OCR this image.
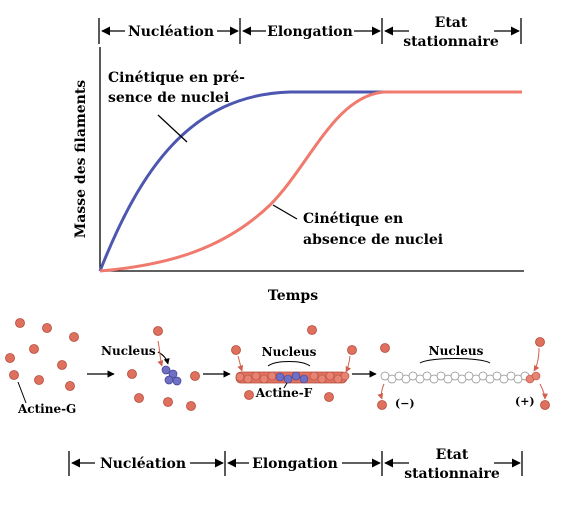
Nucléation	Elongation
Etat
stationnaire
Masse des filaments
Temps
Cinétique en pré-
sence de nuclei
Cinétique en
absence de nuclei
Actine-G
Nucleus	Nucleus
Actine-F
Nucleus
(−)	(+)
Nucléation	Elongation
Etat
stationnaire
